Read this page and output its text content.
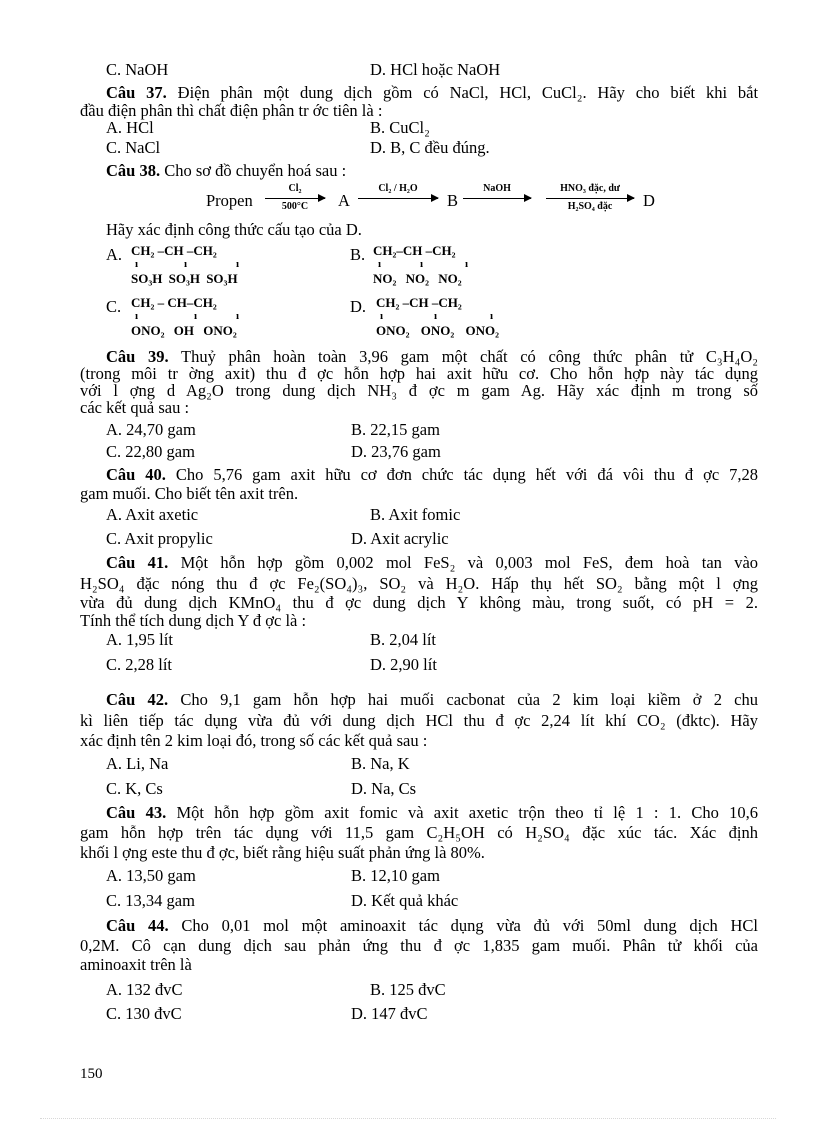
C. NaOH	D. HCl hoặc NaOH
Câu 37. Điện phân một dung dịch gồm có NaCl, HCl, CuCl₂. Hãy cho biết khi bắt
đầu điện phân thì chất điện phân tr ớc tiên là :
A. HCl	B. CuCl₂
C. NaCl	D. B, C đều đúng.
Câu 38. Cho sơ đồ chuyển hoá sau :
Propen
Cl₂
500°C	A
Cl₂ / H₂O
B
NaOH	HNO₃ đặc, dư
H₂SO₄ đặc	D
Hãy xác định công thức cấu tạo của D.
A. CH₂ –CH –CH₂
ı	ı	ı
SO₃H SO₃H SO₃H
B. CH₂–CH –CH₂
ı	ı	ı
NO₂ NO₂ NO₂
C. CH₂ – CH–CH₂
ı	ı	ı
ONO₂ OH ONO₂
D. CH₂ –CH –CH₂
ı	ı	ı
ONO₂ ONO₂ ONO₂
Câu 39. Thuỷ phân hoàn toàn 3,96 gam một chất có công thức phân tử C₃H₄O₂
(trong môi tr ờng axit) thu đ ợc hỗn hợp hai axit hữu cơ. Cho hỗn hợp này tác dụng
với l ợng d Ag₂O trong dung dịch NH₃ đ ợc m gam Ag. Hãy xác định m trong số
các kết quả sau :
A. 24,70 gam	B. 22,15 gam
C. 22,80 gam	D. 23,76 gam
Câu 40. Cho 5,76 gam axit hữu cơ đơn chức tác dụng hết với đá vôi thu đ ợc 7,28
gam muối. Cho biết tên axit trên.
A. Axit axetic	B. Axit fomic
C. Axit propylic	D. Axit acrylic
Câu 41. Một hỗn hợp gồm 0,002 mol FeS₂ và 0,003 mol FeS, đem hoà tan vào
H₂SO₄ đặc nóng thu đ ợc Fe₂(SO₄)₃, SO₂ và H₂O. Hấp thụ hết SO₂ bằng một l ợng
vừa đủ dung dịch KMnO₄ thu đ ợc dung dịch Y không màu, trong suốt, có pH = 2.
Tính thể tích dung dịch Y đ ợc là :
A. 1,95 lít	B. 2,04 lít
C. 2,28 lít	D. 2,90 lít
Câu 42. Cho 9,1 gam hỗn hợp hai muối cacbonat của 2 kim loại kiềm ở 2 chu
kì liên tiếp tác dụng vừa đủ với dung dịch HCl thu đ ợc 2,24 lít khí CO₂ (đktc). Hãy
xác định tên 2 kim loại đó, trong số các kết quả sau :
A. Li, Na	B. Na, K
C. K, Cs	D. Na, Cs
Câu 43. Một hỗn hợp gồm axit fomic và axit axetic trộn theo tỉ lệ 1 : 1. Cho 10,6
gam hỗn hợp trên tác dụng với 11,5 gam C₂H₅OH có H₂SO₄ đặc xúc tác. Xác định
khối l ợng este thu đ ợc, biết rằng hiệu suất phản ứng là 80%.
A. 13,50 gam	B. 12,10 gam
C. 13,34 gam	D. Kết quả khác
Câu 44. Cho 0,01 mol một aminoaxit tác dụng vừa đủ với 50ml dung dịch HCl
0,2M. Cô cạn dung dịch sau phản ứng thu đ ợc 1,835 gam muối. Phân tử khối của
aminoaxit trên là
A. 132 đvC	B. 125 đvC
C. 130 đvC	D. 147 đvC
150
